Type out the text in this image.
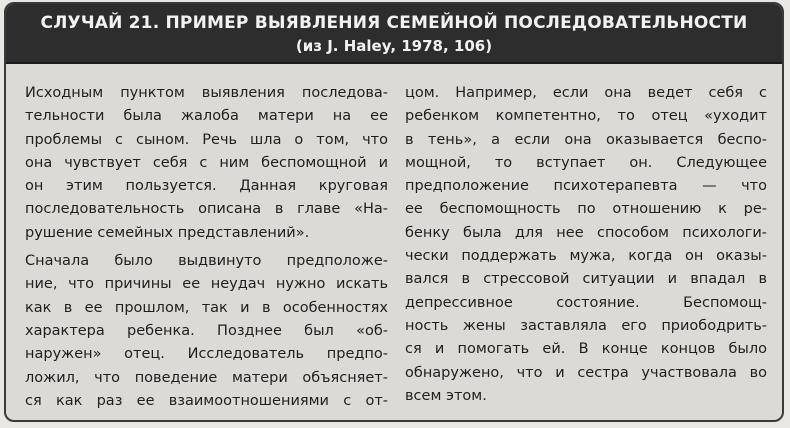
СЛУЧАЙ 21. ПРИМЕР ВЫЯВЛЕНИЯ СЕМЕЙНОЙ ПОСЛЕДОВАТЕЛЬНОСТИ
(из J. Haley, 1978, 106)

Исходным пунктом выявления последова-
тельности была жалоба матери на ее
проблемы с сыном. Речь шла о том, что
она чувствует себя с ним беспомощной и
он этим пользуется. Данная круговая
последовательность описана в главе «На-
рушение семейных представлений».

Сначала было выдвинуто предположе-
ние, что причины ее неудач нужно искать
как в ее прошлом, так и в особенностях
характера ребенка. Позднее был «об-
наружен» отец. Исследователь предпо-
ложил, что поведение матери объясняет-
ся как раз ее взаимоотношениями с от-

цом. Например, если она ведет себя с
ребенком компетентно, то отец «уходит
в тень», а если она оказывается беспо-
мощной, то вступает он. Следующее
предположение психотерапевта — что
ее беспомощность по отношению к ре-
бенку была для нее способом психологи-
чески поддержать мужа, когда он оказы-
вался в стрессовой ситуации и впадал в
депрессивное состояние. Беспомощ-
ность жены заставляла его приободрить-
ся и помогать ей. В конце концов было
обнаружено, что и сестра участвовала во
всем этом.
